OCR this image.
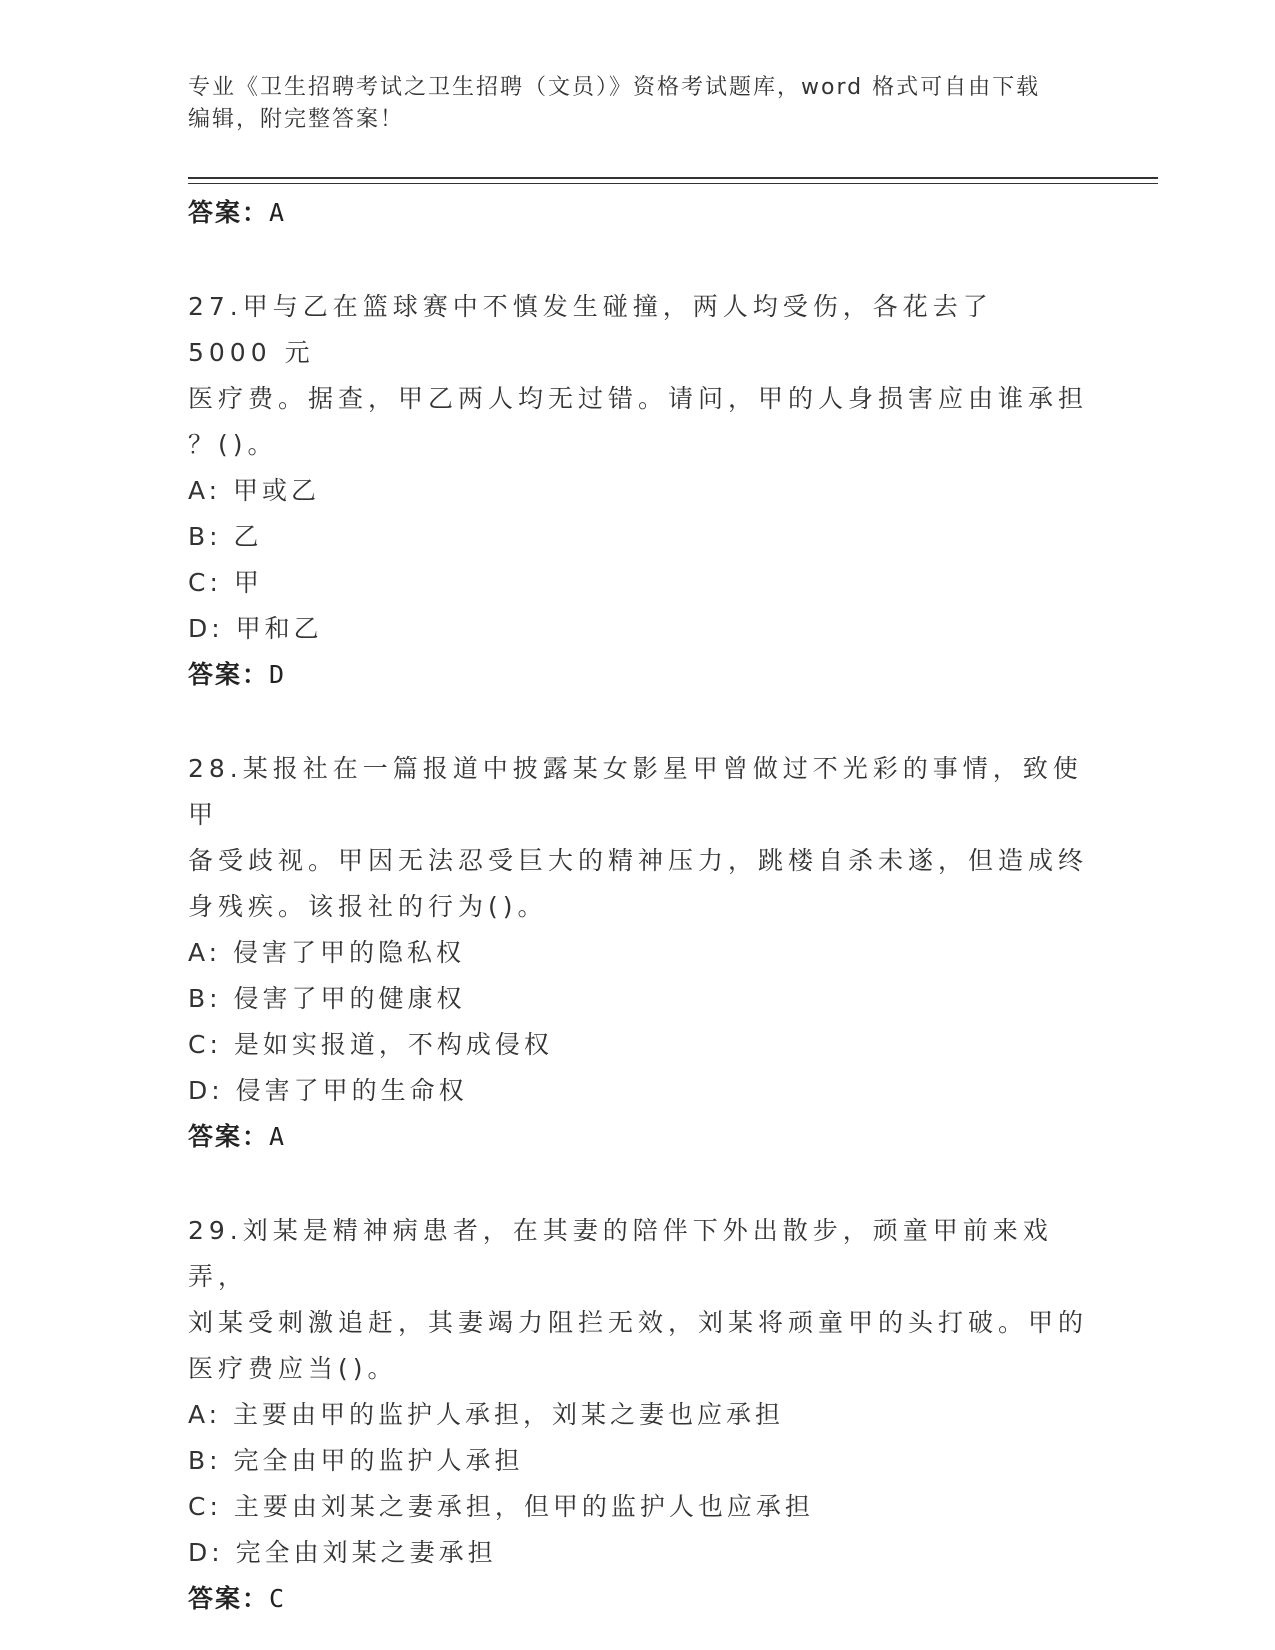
专业《卫生招聘考试之卫生招聘（文员）》资格考试题库，word 格式可自由下载
编辑，附完整答案！
答案：A

27.甲与乙在篮球赛中不慎发生碰撞，两人均受伤，各花去了 5000 元

医疗费。据查，甲乙两人均无过错。请问，甲的人身损害应由谁承担

？()。

A: 甲或乙

B: 乙

C: 甲

D: 甲和乙

答案：D

28.某报社在一篇报道中披露某女影星甲曾做过不光彩的事情，致使甲

备受歧视。甲因无法忍受巨大的精神压力，跳楼自杀未遂，但造成终

身残疾。该报社的行为()。

A: 侵害了甲的隐私权

B: 侵害了甲的健康权

C: 是如实报道，不构成侵权

D: 侵害了甲的生命权

答案：A

29.刘某是精神病患者，在其妻的陪伴下外出散步，顽童甲前来戏弄，

刘某受刺激追赶，其妻竭力阻拦无效，刘某将顽童甲的头打破。甲的

医疗费应当()。

A: 主要由甲的监护人承担，刘某之妻也应承担

B: 完全由甲的监护人承担

C: 主要由刘某之妻承担，但甲的监护人也应承担

D: 完全由刘某之妻承担

答案：C
